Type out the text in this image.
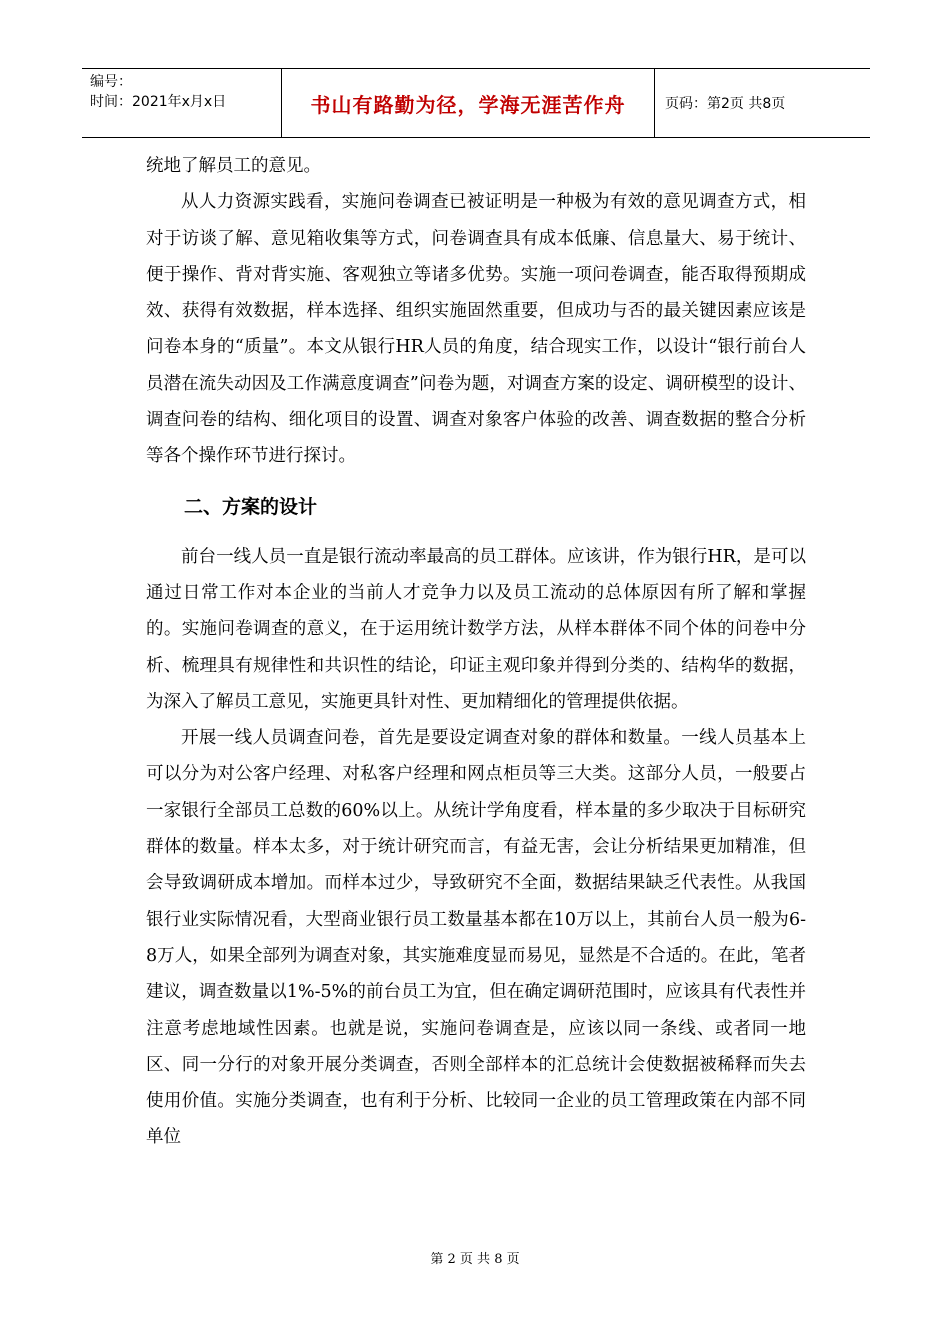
编号：
时间：2021年x月x日	书山有路勤为径，学海无涯苦作舟	页码：第2页 共8页

统地了解员工的意见。

从人力资源实践看，实施问卷调查已被证明是一种极为有效的意见调查方式，相对于访谈了解、意见箱收集等方式，问卷调查具有成本低廉、信息量大、易于统计、便于操作、背对背实施、客观独立等诸多优势。实施一项问卷调查，能否取得预期成效、获得有效数据，样本选择、组织实施固然重要，但成功与否的最关键因素应该是问卷本身的“质量”。本文从银行HR人员的角度，结合现实工作，以设计“银行前台人员潜在流失动因及工作满意度调查”问卷为题，对调查方案的设定、调研模型的设计、调查问卷的结构、细化项目的设置、调查对象客户体验的改善、调查数据的整合分析等各个操作环节进行探讨。

二、方案的设计

前台一线人员一直是银行流动率最高的员工群体。应该讲，作为银行HR，是可以通过日常工作对本企业的当前人才竞争力以及员工流动的总体原因有所了解和掌握的。实施问卷调查的意义，在于运用统计数学方法，从样本群体不同个体的问卷中分析、梳理具有规律性和共识性的结论，印证主观印象并得到分类的、结构华的数据，为深入了解员工意见，实施更具针对性、更加精细化的管理提供依据。

开展一线人员调查问卷，首先是要设定调查对象的群体和数量。一线人员基本上可以分为对公客户经理、对私客户经理和网点柜员等三大类。这部分人员，一般要占一家银行全部员工总数的60%以上。从统计学角度看，样本量的多少取决于目标研究群体的数量。样本太多，对于统计研究而言，有益无害，会让分析结果更加精准，但会导致调研成本增加。而样本过少，导致研究不全面，数据结果缺乏代表性。从我国银行业实际情况看，大型商业银行员工数量基本都在10万以上，其前台人员一般为6-8万人，如果全部列为调查对象，其实施难度显而易见，显然是不合适的。在此，笔者建议，调查数量以1%-5%的前台员工为宜，但在确定调研范围时，应该具有代表性并注意考虑地域性因素。也就是说，实施问卷调查是，应该以同一条线、或者同一地区、同一分行的对象开展分类调查，否则全部样本的汇总统计会使数据被稀释而失去使用价值。实施分类调查，也有利于分析、比较同一企业的员工管理政策在内部不同单位

第 2 页 共 8 页
